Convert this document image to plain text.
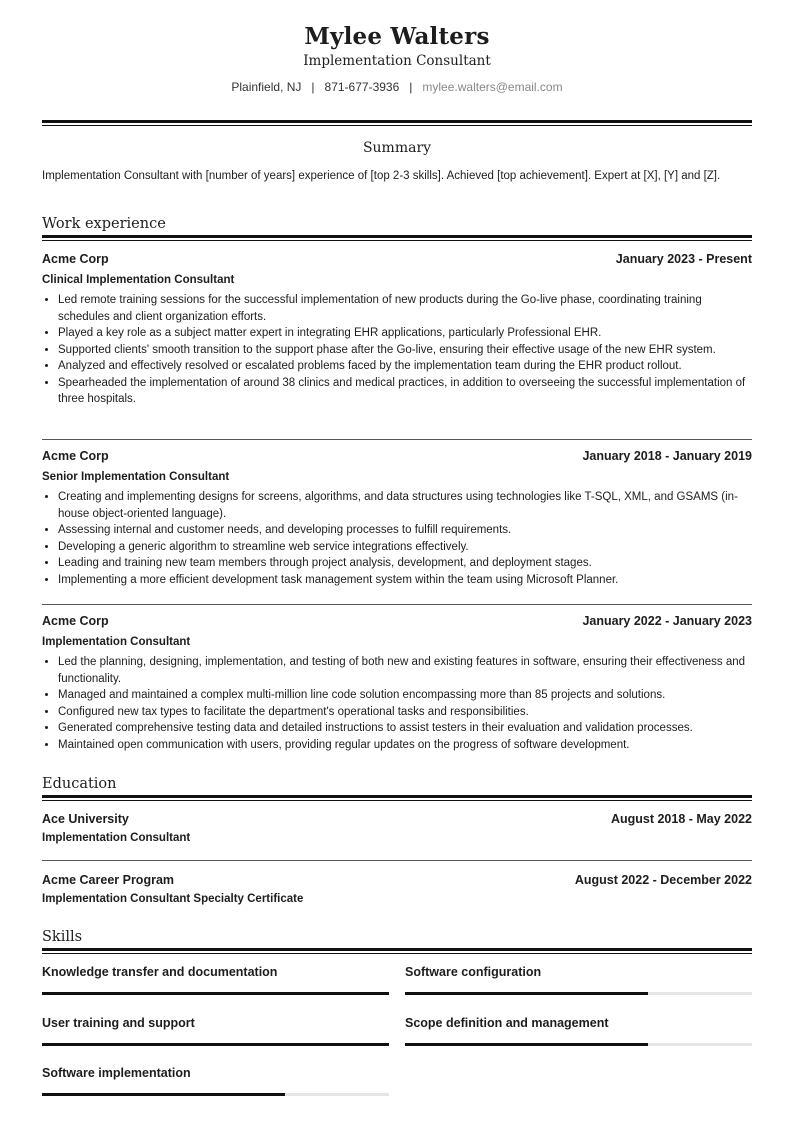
Mylee Walters
Implementation Consultant
Plainfield, NJ | 871-677-3936 | mylee.walters@email.com
Summary
Implementation Consultant with [number of years] experience of [top 2-3 skills]. Achieved [top achievement]. Expert at [X], [Y] and [Z].
Work experience
Acme Corp	January 2023 - Present
Clinical Implementation Consultant
• Led remote training sessions for the successful implementation of new products during the Go-live phase, coordinating training schedules and client organization efforts.
• Played a key role as a subject matter expert in integrating EHR applications, particularly Professional EHR.
• Supported clients' smooth transition to the support phase after the Go-live, ensuring their effective usage of the new EHR system.
• Analyzed and effectively resolved or escalated problems faced by the implementation team during the EHR product rollout.
• Spearheaded the implementation of around 38 clinics and medical practices, in addition to overseeing the successful implementation of three hospitals.
Acme Corp	January 2018 - January 2019
Senior Implementation Consultant
• Creating and implementing designs for screens, algorithms, and data structures using technologies like T-SQL, XML, and GSAMS (in-house object-oriented language).
• Assessing internal and customer needs, and developing processes to fulfill requirements.
• Developing a generic algorithm to streamline web service integrations effectively.
• Leading and training new team members through project analysis, development, and deployment stages.
• Implementing a more efficient development task management system within the team using Microsoft Planner.
Acme Corp	January 2022 - January 2023
Implementation Consultant
• Led the planning, designing, implementation, and testing of both new and existing features in software, ensuring their effectiveness and functionality.
• Managed and maintained a complex multi-million line code solution encompassing more than 85 projects and solutions.
• Configured new tax types to facilitate the department's operational tasks and responsibilities.
• Generated comprehensive testing data and detailed instructions to assist testers in their evaluation and validation processes.
• Maintained open communication with users, providing regular updates on the progress of software development.
Education
Ace University	August 2018 - May 2022
Implementation Consultant
Acme Career Program	August 2022 - December 2022
Implementation Consultant Specialty Certificate
Skills
Knowledge transfer and documentation	Software configuration
User training and support	Scope definition and management
Software implementation
